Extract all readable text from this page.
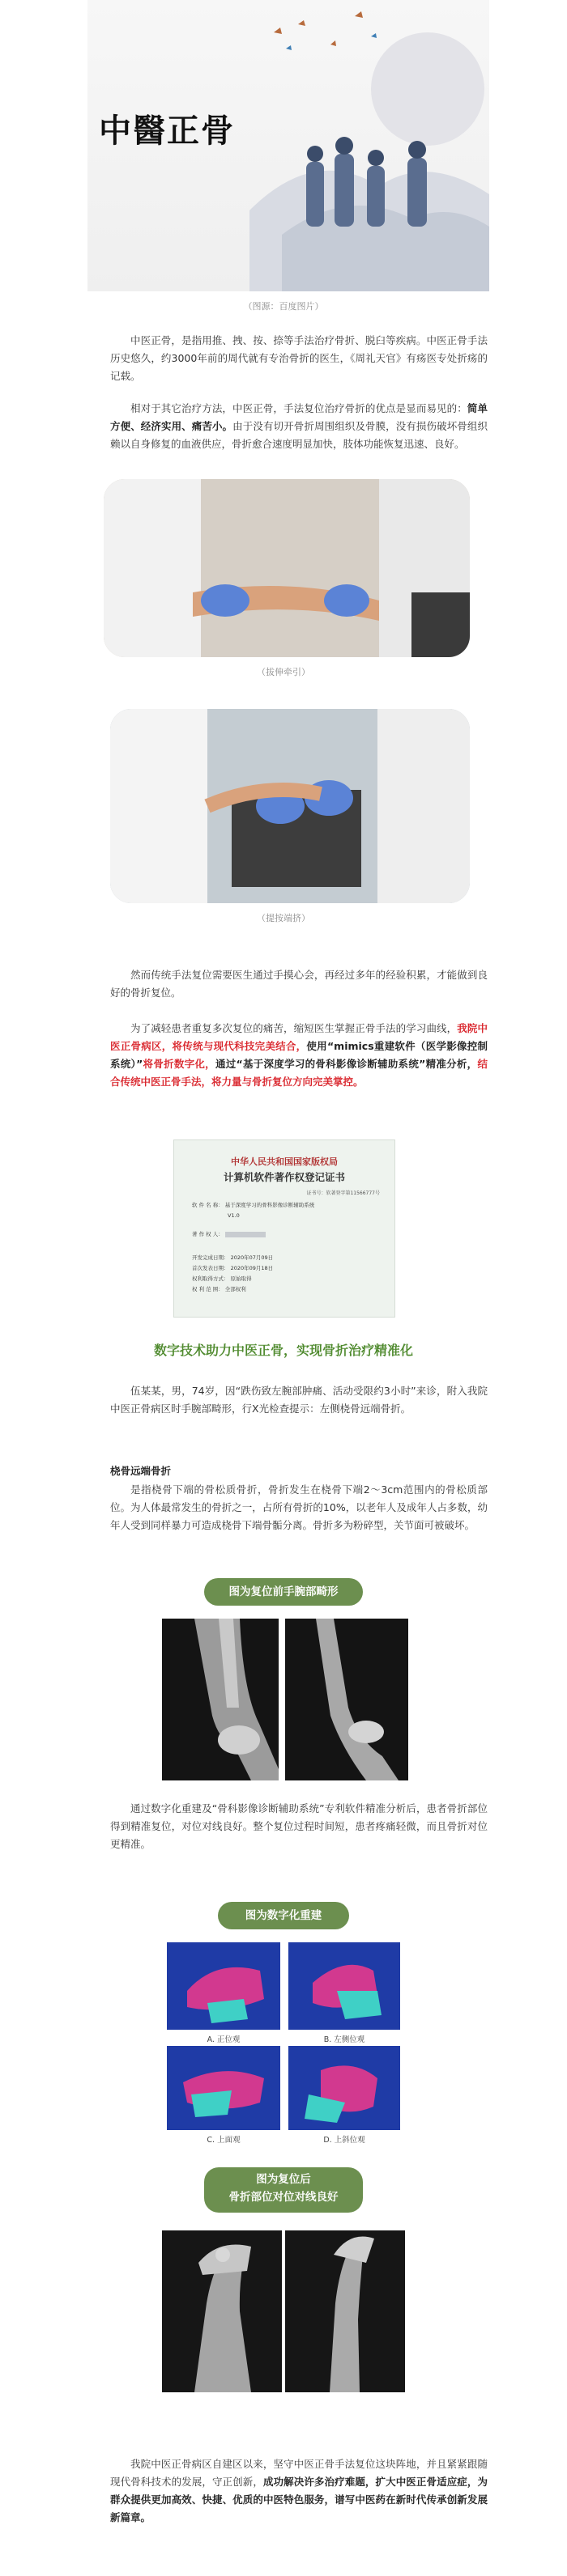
中醫正骨
（图源：百度图片）
中医正骨，是指用推、拽、按、捺等手法治疗骨折、脱臼等疾病。中医正骨手法历史悠久，约3000年前的周代就有专治骨折的医生，《周礼天官》有疡医专处折疡的记载。
相对于其它治疗方法，中医正骨，手法复位治疗骨折的优点是显而易见的：简单方便、经济实用、痛苦小。由于没有切开骨折周围组织及骨膜，没有损伤破坏骨组织赖以自身修复的血液供应，骨折愈合速度明显加快，肢体功能恢复迅速、良好。
（拔伸牵引）
（提按端挤）
然而传统手法复位需要医生通过手摸心会，再经过多年的经验积累，才能做到良好的骨折复位。
为了减轻患者重复多次复位的痛苦，缩短医生掌握正骨手法的学习曲线，我院中医正骨病区，将传统与现代科技完美结合，使用“mimics重建软件（医学影像控制系统）”将骨折数字化，通过“基于深度学习的骨科影像诊断辅助系统”精准分析，结合传统中医正骨手法，将力量与骨折复位方向完美掌控。
中华人民共和国国家版权局
计算机软件著作权登记证书
证书号：软著登字第11566777号
软 件 名 称： 基于深度学习的骨科影像诊断辅助系统
V1.0
著 作 权 人：
开发完成日期： 2020年07月09日
首次发表日期： 2020年09月18日
权利取得方式： 原始取得
权 利 范 围： 全部权利
数字技术助力中医正骨，实现骨折治疗精准化
伍某某，男，74岁，因“跌伤致左腕部肿痛、活动受限约3小时”来诊，附入我院中医正骨病区时手腕部畸形，行X光检查提示：左侧桡骨远端骨折。
桡骨远端骨折
是指桡骨下端的骨松质骨折，骨折发生在桡骨下端2～3cm范围内的骨松质部位。为人体最常发生的骨折之一，占所有骨折的10%，以老年人及成年人占多数，幼年人受到同样暴力可造成桡骨下端骨骺分离。骨折多为粉碎型，关节面可被破坏。
图为复位前手腕部畸形
通过数字化重建及“骨科影像诊断辅助系统”专利软件精准分析后，患者骨折部位得到精准复位，对位对线良好。整个复位过程时间短，患者疼痛轻微，而且骨折对位更精准。
图为数字化重建
A. 正位观	B. 左侧位观
C. 上面观	D. 上斜位观
图为复位后
骨折部位对位对线良好
我院中医正骨病区自建区以来，坚守中医正骨手法复位这块阵地，并且紧紧跟随现代骨科技术的发展，守正创新，成功解决许多治疗难题，扩大中医正骨适应症，为群众提供更加高效、快捷、优质的中医特色服务，谱写中医药在新时代传承创新发展新篇章。
